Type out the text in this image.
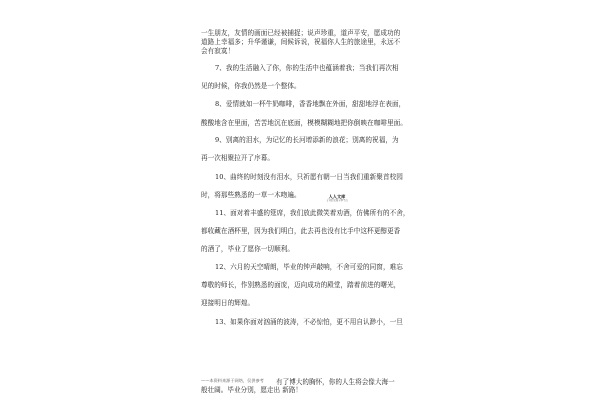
一生朋友，友情的画面已经被捕捉；说声珍重，道声平安，愿成功的
道路上幸福多；升华谨谦，间候诉说，祝福你人生的旅途里，永远不
会有寂寞！
7、我的生活融入了你，你的生活中也蕴涵着我；当我们再次相
见的时候，你我仍然是一个整体。
8、爱情就如一杯牛奶咖啡，香香地飘在外面，甜甜地浮在表面，
酸酸地含在里面，苦苦地沉在底面，模模糊糊地把你倒映在咖啡里面。
9、别离的泪水，为记忆的长河增添新的浪花；别离的祝福，为
再一次相聚拉开了序幕。
10、曲终的时刻没有泪水，只祈愿有朝一日当我们重新聚首校园
时，将那些熟悉的一草一木吻遍。
11、面对着丰盛的筵席，我们放此微笑着劝酒，仿佛所有的不舍，
都收藏在酒杯里，因为我们明白，此去再也没有比手中这杯更醇更香
的酒了，毕业了愿你一切顺利。
12、六月的天空晴朗，毕业的钟声敲响，不舍可爱的同窗，难忘
尊敬的师长，作别熟悉的面庞，迈向成功的殿堂，踏着前进的曙光，
迎接明日的辉煌。
13、如果你面对汹涌的波涛，不必惊怕，更不用自认渺小，一旦
人人文库
专业的文档分享平台
——本资料来源于网络，仅供参考 有了博大的胸怀，你的人生将会像大海一
般壮阔。毕业分别，愿走出 新路！
